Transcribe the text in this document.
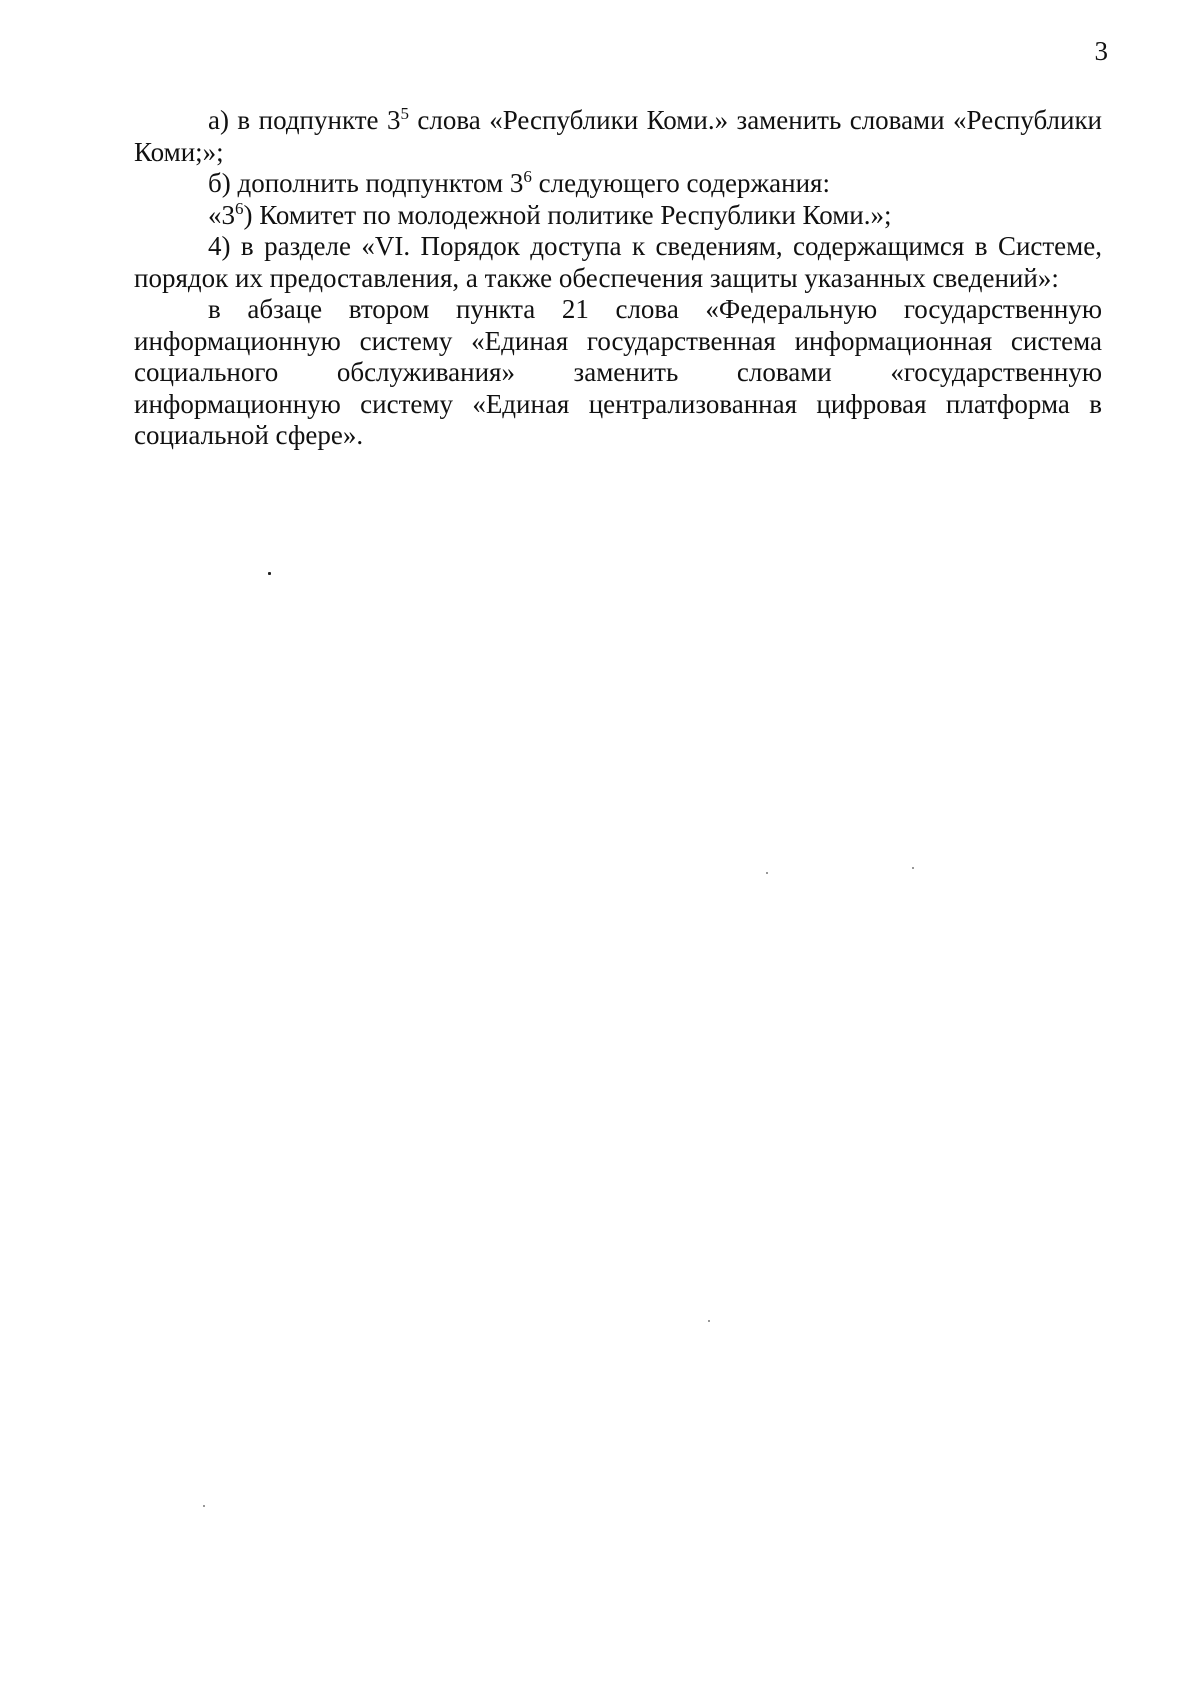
3

а) в подпункте $3^5$ слова «Республики Коми.» заменить словами «Республики Коми;»;

б) дополнить подпунктом $3^6$ следующего содержания:

«$3^6$) Комитет по молодежной политике Республики Коми.»;

4) в разделе «VI. Порядок доступа к сведениям, содержащимся в Системе, порядок их предоставления, а также обеспечения защиты указанных сведений»:

в абзаце втором пункта 21 слова «Федеральную государственную информационную систему «Единая государственная информационная система социального обслуживания» заменить словами «государственную информационную систему «Единая централизованная цифровая платформа в социальной сфере».
